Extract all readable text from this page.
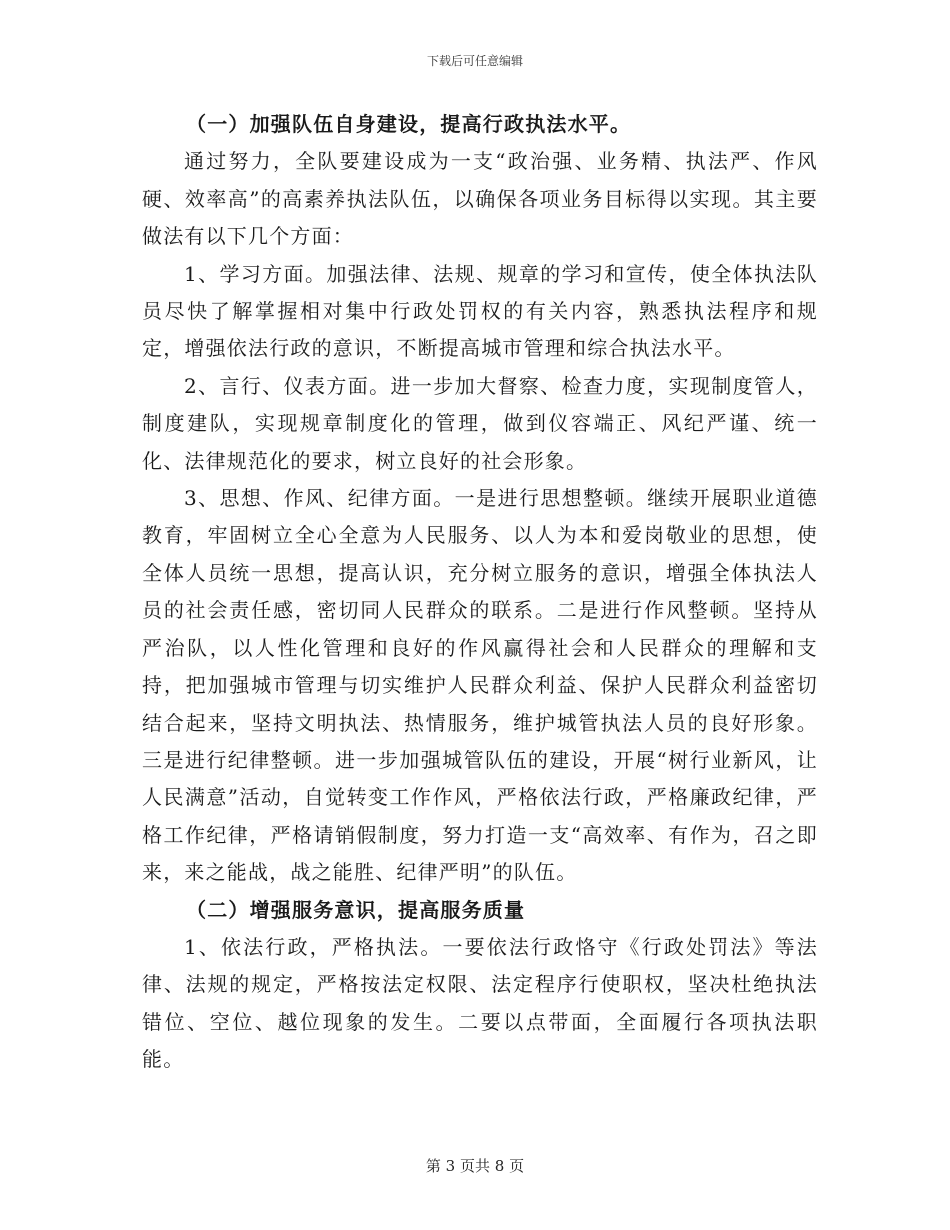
下载后可任意编辑

（一）加强队伍自身建设，提高行政执法水平。

通过努力，全队要建设成为一支“政治强、业务精、执法严、作风硬、效率高”的高素养执法队伍，以确保各项业务目标得以实现。其主要做法有以下几个方面：

1、学习方面。加强法律、法规、规章的学习和宣传，使全体执法队员尽快了解掌握相对集中行政处罚权的有关内容，熟悉执法程序和规定，增强依法行政的意识，不断提高城市管理和综合执法水平。

2、言行、仪表方面。进一步加大督察、检查力度，实现制度管人，制度建队，实现规章制度化的管理，做到仪容端正、风纪严谨、统一化、法律规范化的要求，树立良好的社会形象。

3、思想、作风、纪律方面。一是进行思想整顿。继续开展职业道德教育，牢固树立全心全意为人民服务、以人为本和爱岗敬业的思想，使全体人员统一思想，提高认识，充分树立服务的意识，增强全体执法人员的社会责任感，密切同人民群众的联系。二是进行作风整顿。坚持从严治队，以人性化管理和良好的作风赢得社会和人民群众的理解和支持，把加强城市管理与切实维护人民群众利益、保护人民群众利益密切结合起来，坚持文明执法、热情服务，维护城管执法人员的良好形象。三是进行纪律整顿。进一步加强城管队伍的建设，开展“树行业新风，让人民满意”活动，自觉转变工作作风，严格依法行政，严格廉政纪律，严格工作纪律，严格请销假制度，努力打造一支“高效率、有作为，召之即来，来之能战，战之能胜、纪律严明”的队伍。

（二）增强服务意识，提高服务质量

1、依法行政，严格执法。一要依法行政恪守《行政处罚法》等法律、法规的规定，严格按法定权限、法定程序行使职权，坚决杜绝执法错位、空位、越位现象的发生。二要以点带面，全面履行各项执法职能。

第 3 页共 8 页
